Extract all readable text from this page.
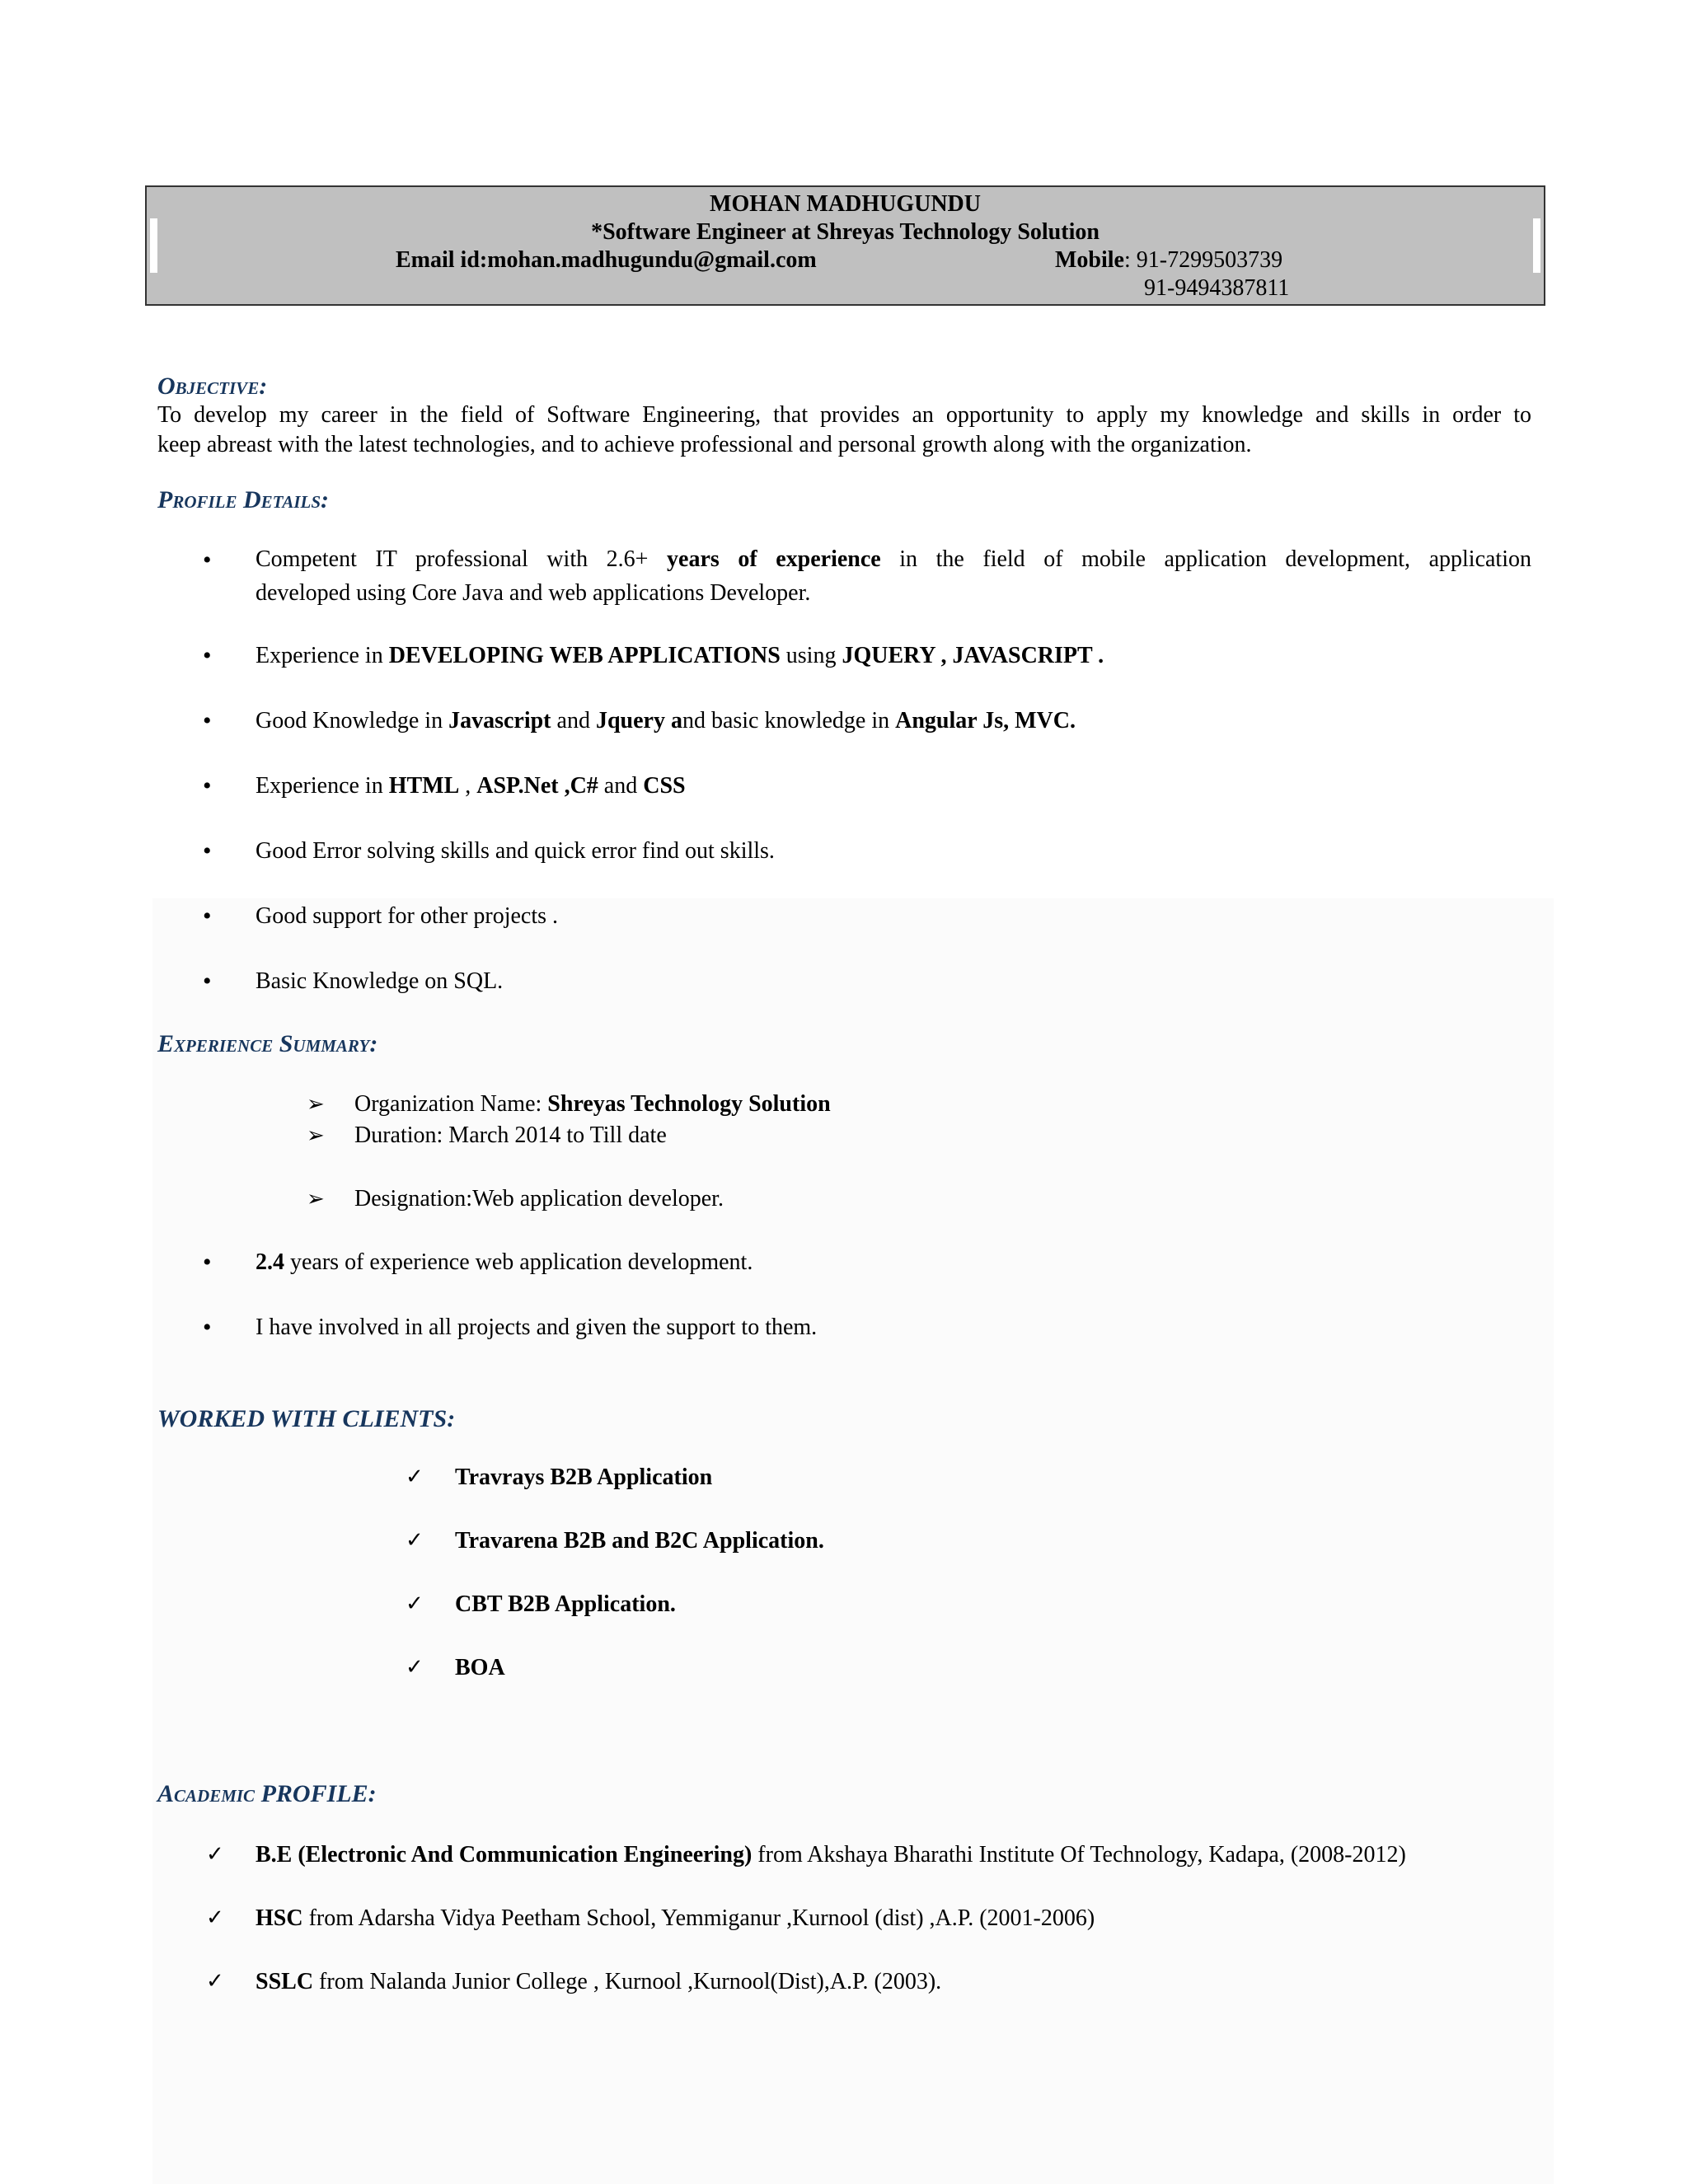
MOHAN MADHUGUNDU
*Software Engineer at Shreyas Technology Solution
Email id:mohan.madhugundu@gmail.com	Mobile: 91-7299503739
91-9494387811
Objective:
To develop my career in the field of Software Engineering, that provides an opportunity to apply my knowledge and skills in order to
keep abreast with the latest technologies, and to achieve professional and personal growth along with the organization.
Profile Details:
• Competent IT professional with 2.6+ years of experience in the field of mobile application development, application
developed using Core Java and web applications Developer.
• Experience in DEVELOPING WEB APPLICATIONS using JQUERY , JAVASCRIPT .
• Good Knowledge in Javascript and Jquery and basic knowledge in Angular Js, MVC.
• Experience in HTML , ASP.Net ,C# and CSS
• Good Error solving skills and quick error find out skills.
• Good support for other projects .
• Basic Knowledge on SQL.
Experience Summary:
➢ Organization Name: Shreyas Technology Solution
➢ Duration: March 2014 to Till date
➢ Designation:Web application developer.
• 2.4 years of experience web application development.
• I have involved in all projects and given the support to them.
WORKED WITH CLIENTS:
✓ Travrays B2B Application
✓ Travarena B2B and B2C Application.
✓ CBT B2B Application.
✓ BOA
Academic PROFILE:
✓ B.E (Electronic And Communication Engineering) from Akshaya Bharathi Institute Of Technology, Kadapa, (2008-2012)
✓ HSC from Adarsha Vidya Peetham School, Yemmiganur ,Kurnool (dist) ,A.P. (2001-2006)
✓ SSLC from Nalanda Junior College , Kurnool ,Kurnool(Dist),A.P. (2003).
